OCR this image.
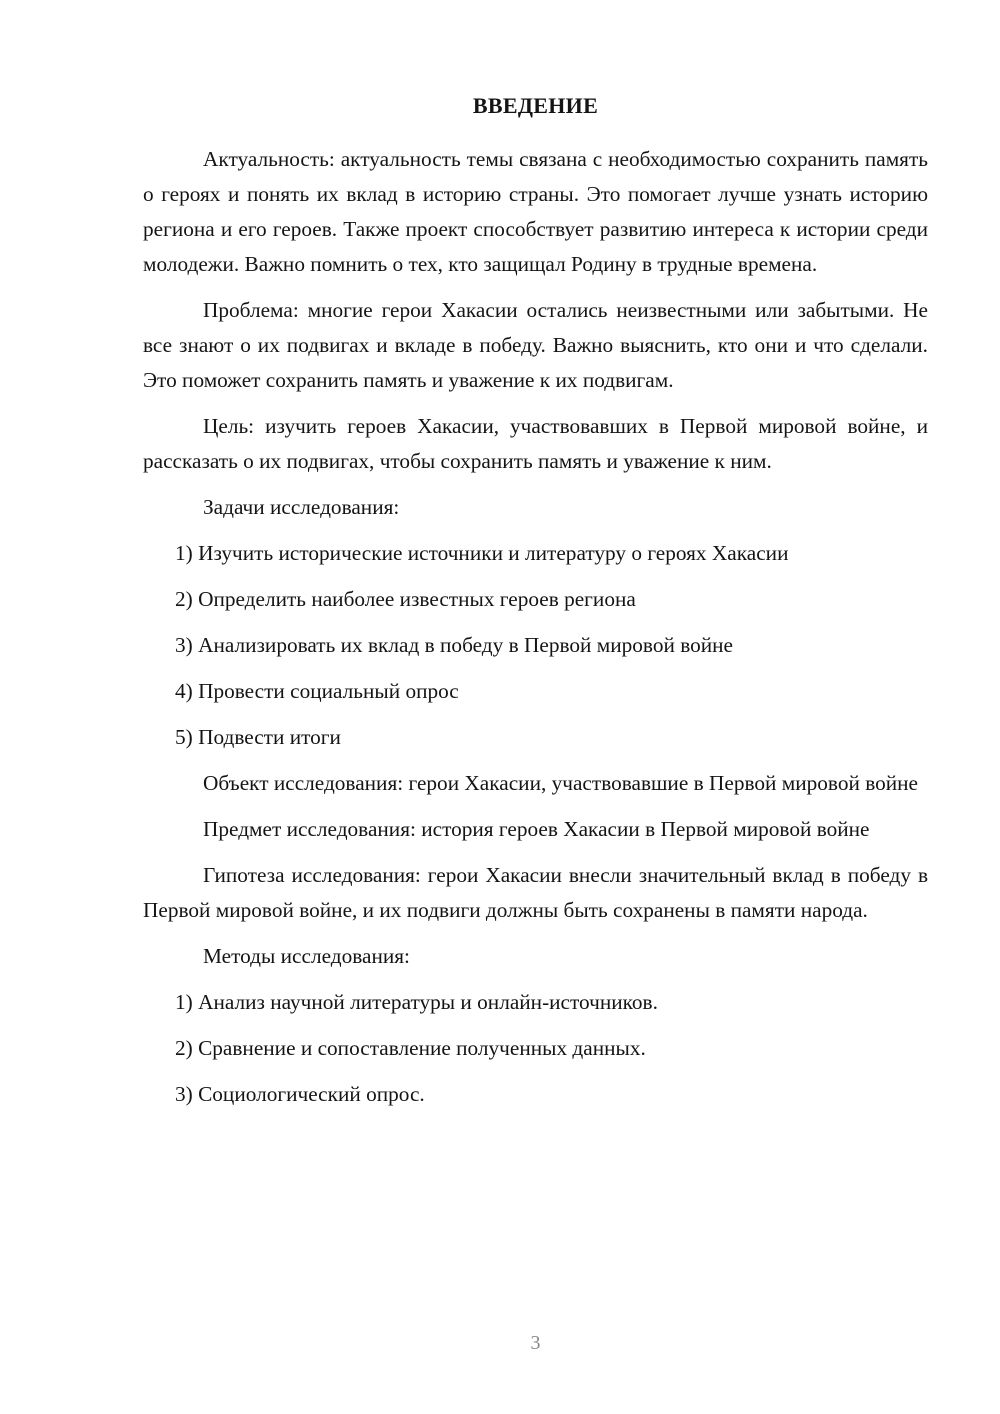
ВВЕДЕНИЕ

Актуальность: актуальность темы связана с необходимостью сохранить память о героях и понять их вклад в историю страны. Это помогает лучше узнать историю региона и его героев. Также проект способствует развитию интереса к истории среди молодежи. Важно помнить о тех, кто защищал Родину в трудные времена.

Проблема: многие герои Хакасии остались неизвестными или забытыми. Не все знают о их подвигах и вкладе в победу. Важно выяснить, кто они и что сделали. Это поможет сохранить память и уважение к их подвигам.

Цель: изучить героев Хакасии, участвовавших в Первой мировой войне, и рассказать о их подвигах, чтобы сохранить память и уважение к ним.

Задачи исследования:

1) Изучить исторические источники и литературу о героях Хакасии

2) Определить наиболее известных героев региона

3) Анализировать их вклад в победу в Первой мировой войне

4) Провести социальный опрос

5) Подвести итоги

Объект исследования: герои Хакасии, участвовавшие в Первой мировой войне

Предмет исследования: история героев Хакасии в Первой мировой войне

Гипотеза исследования: герои Хакасии внесли значительный вклад в победу в Первой мировой войне, и их подвиги должны быть сохранены в памяти народа.

Методы исследования:

1) Анализ научной литературы и онлайн-источников.

2) Сравнение и сопоставление полученных данных.

3) Социологический опрос.

3
